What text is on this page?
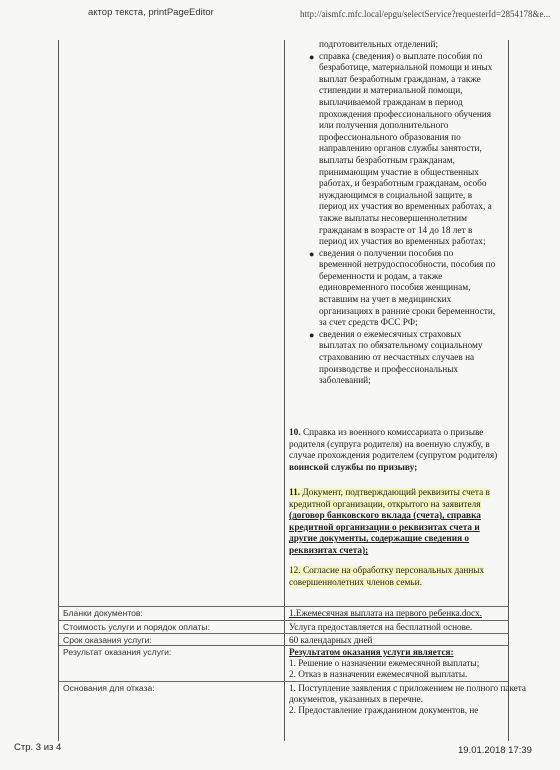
актор текста, printPageEditor	http://aismfc.mfc.local/epgu/selectService?requesterId=2854178&e...
подготовительных отделений;
● справка (сведения) о выплате пособия по безработице, материальной помощи и иных выплат безработным гражданам, а также стипендии и материальной помощи, выплачиваемой гражданам в период прохождения профессионального обучения или получения дополнительного профессионального образования по направлению органов службы занятости, выплаты безработным гражданам, принимающим участие в общественных работах, и безработным гражданам, особо нуждающимся в социальной защите, в период их участия во временных работах, а также выплаты несовершеннолетним гражданам в возрасте от 14 до 18 лет в период их участия во временных работах;
● сведения о получении пособия по временной нетрудоспособности, пособия по беременности и родам, а также единовременного пособия женщинам, вставшим на учет в медицинских организациях в ранние сроки беременности, за счет средств ФСС РФ;
● сведения о ежемесячных страховых выплатах по обязательному социальному страхованию от несчастных случаев на производстве и профессиональных заболеваний;
10. Справка из военного комиссариата о призыве родителя (супруга родителя) на военную службу, в случае прохождения родителем (супругом родителя) воинской службы по призыву;
11. Документ, подтверждающий реквизиты счета в кредитной организации, открытого на заявителя (договор банковского вклада (счета), справка кредитной организации о реквизитах счета и другие документы, содержащие сведения о реквизитах счета);
12. Согласие на обработку персональных данных совершеннолетних членов семьи.
Бланки документов:	1.Ежемесячная выплата на первого ребенка.docx.
Стоимость услуги и порядок оплаты:	Услуга предоставляется на бесплатной основе.
Срок оказания услуги:	60 календарных дней
Результат оказания услуги:	Результатом оказания услуги является:
1. Решение о назначении ежемесячной выплаты;
2. Отказ в назначении ежемесячной выплаты.
Основания для отказа:	1. Поступление заявления с приложением не полного пакета документов, указанных в перечне.
2. Предоставление гражданином документов, не
Стр. 3 из 4	19.01.2018 17:39
